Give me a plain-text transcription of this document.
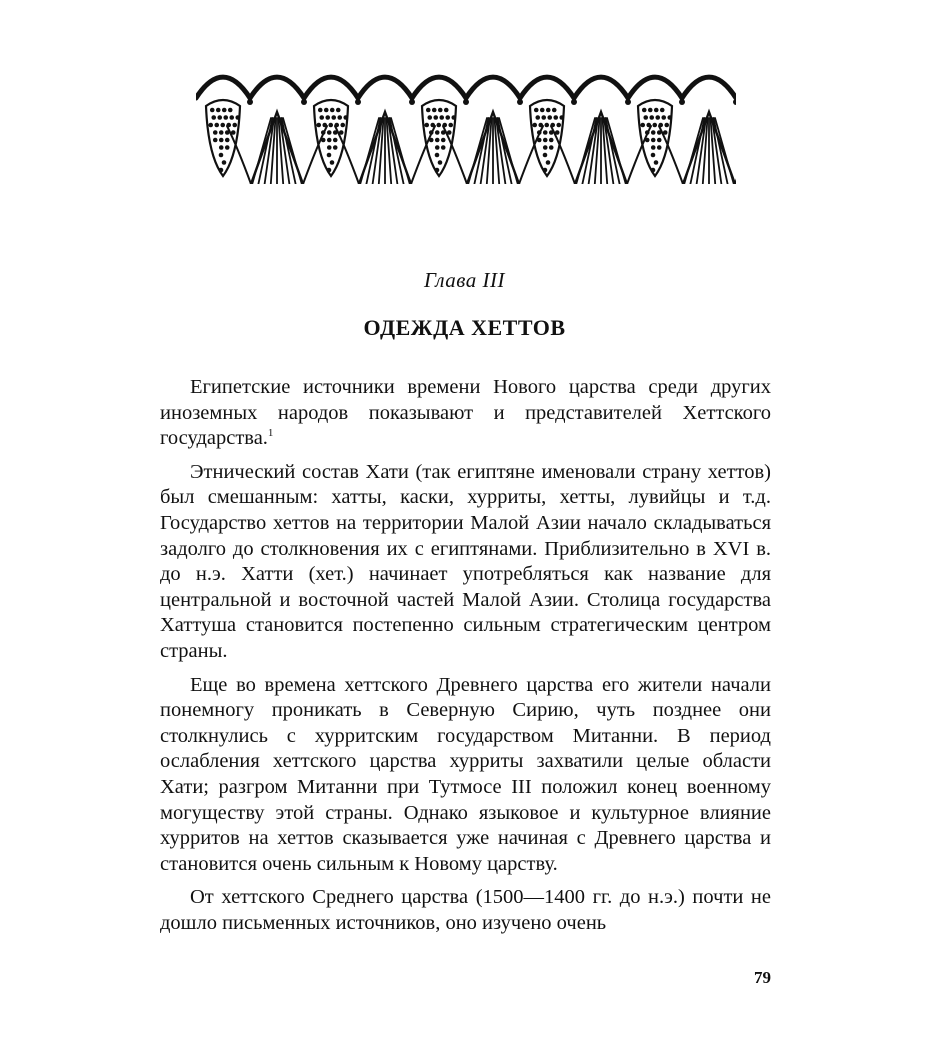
Глава III
ОДЕЖДА ХЕТТОВ

Египетские источники времени Нового царства среди других иноземных народов показывают и представителей Хеттского государства.$^1$

Этнический состав Хати (так египтяне именовали страну хеттов) был смешанным: хатты, каски, хурриты, хетты, лувийцы и т.д. Государство хеттов на территории Малой Азии начало складываться задолго до столкновения их с египтянами. Приблизительно в XVI в. до н.э. Хатти (хет.) начинает употребляться как название для центральной и восточной частей Малой Азии. Столица государства Хаттуша становится постепенно сильным стратегическим центром страны.

Еще во времена хеттского Древнего царства его жители начали понемногу проникать в Северную Сирию, чуть позднее они столкнулись с хурритским государством Митанни. В период ослабления хеттского царства хурриты захватили целые области Хати; разгром Митанни при Тутмосе III положил конец военному могуществу этой страны. Однако языковое и культурное влияние хурритов на хеттов сказывается уже начиная с Древнего царства и становится очень сильным к Новому царству.

От хеттского Среднего царства (1500—1400 гг. до н.э.) почти не дошло письменных источников, оно изучено очень

79
